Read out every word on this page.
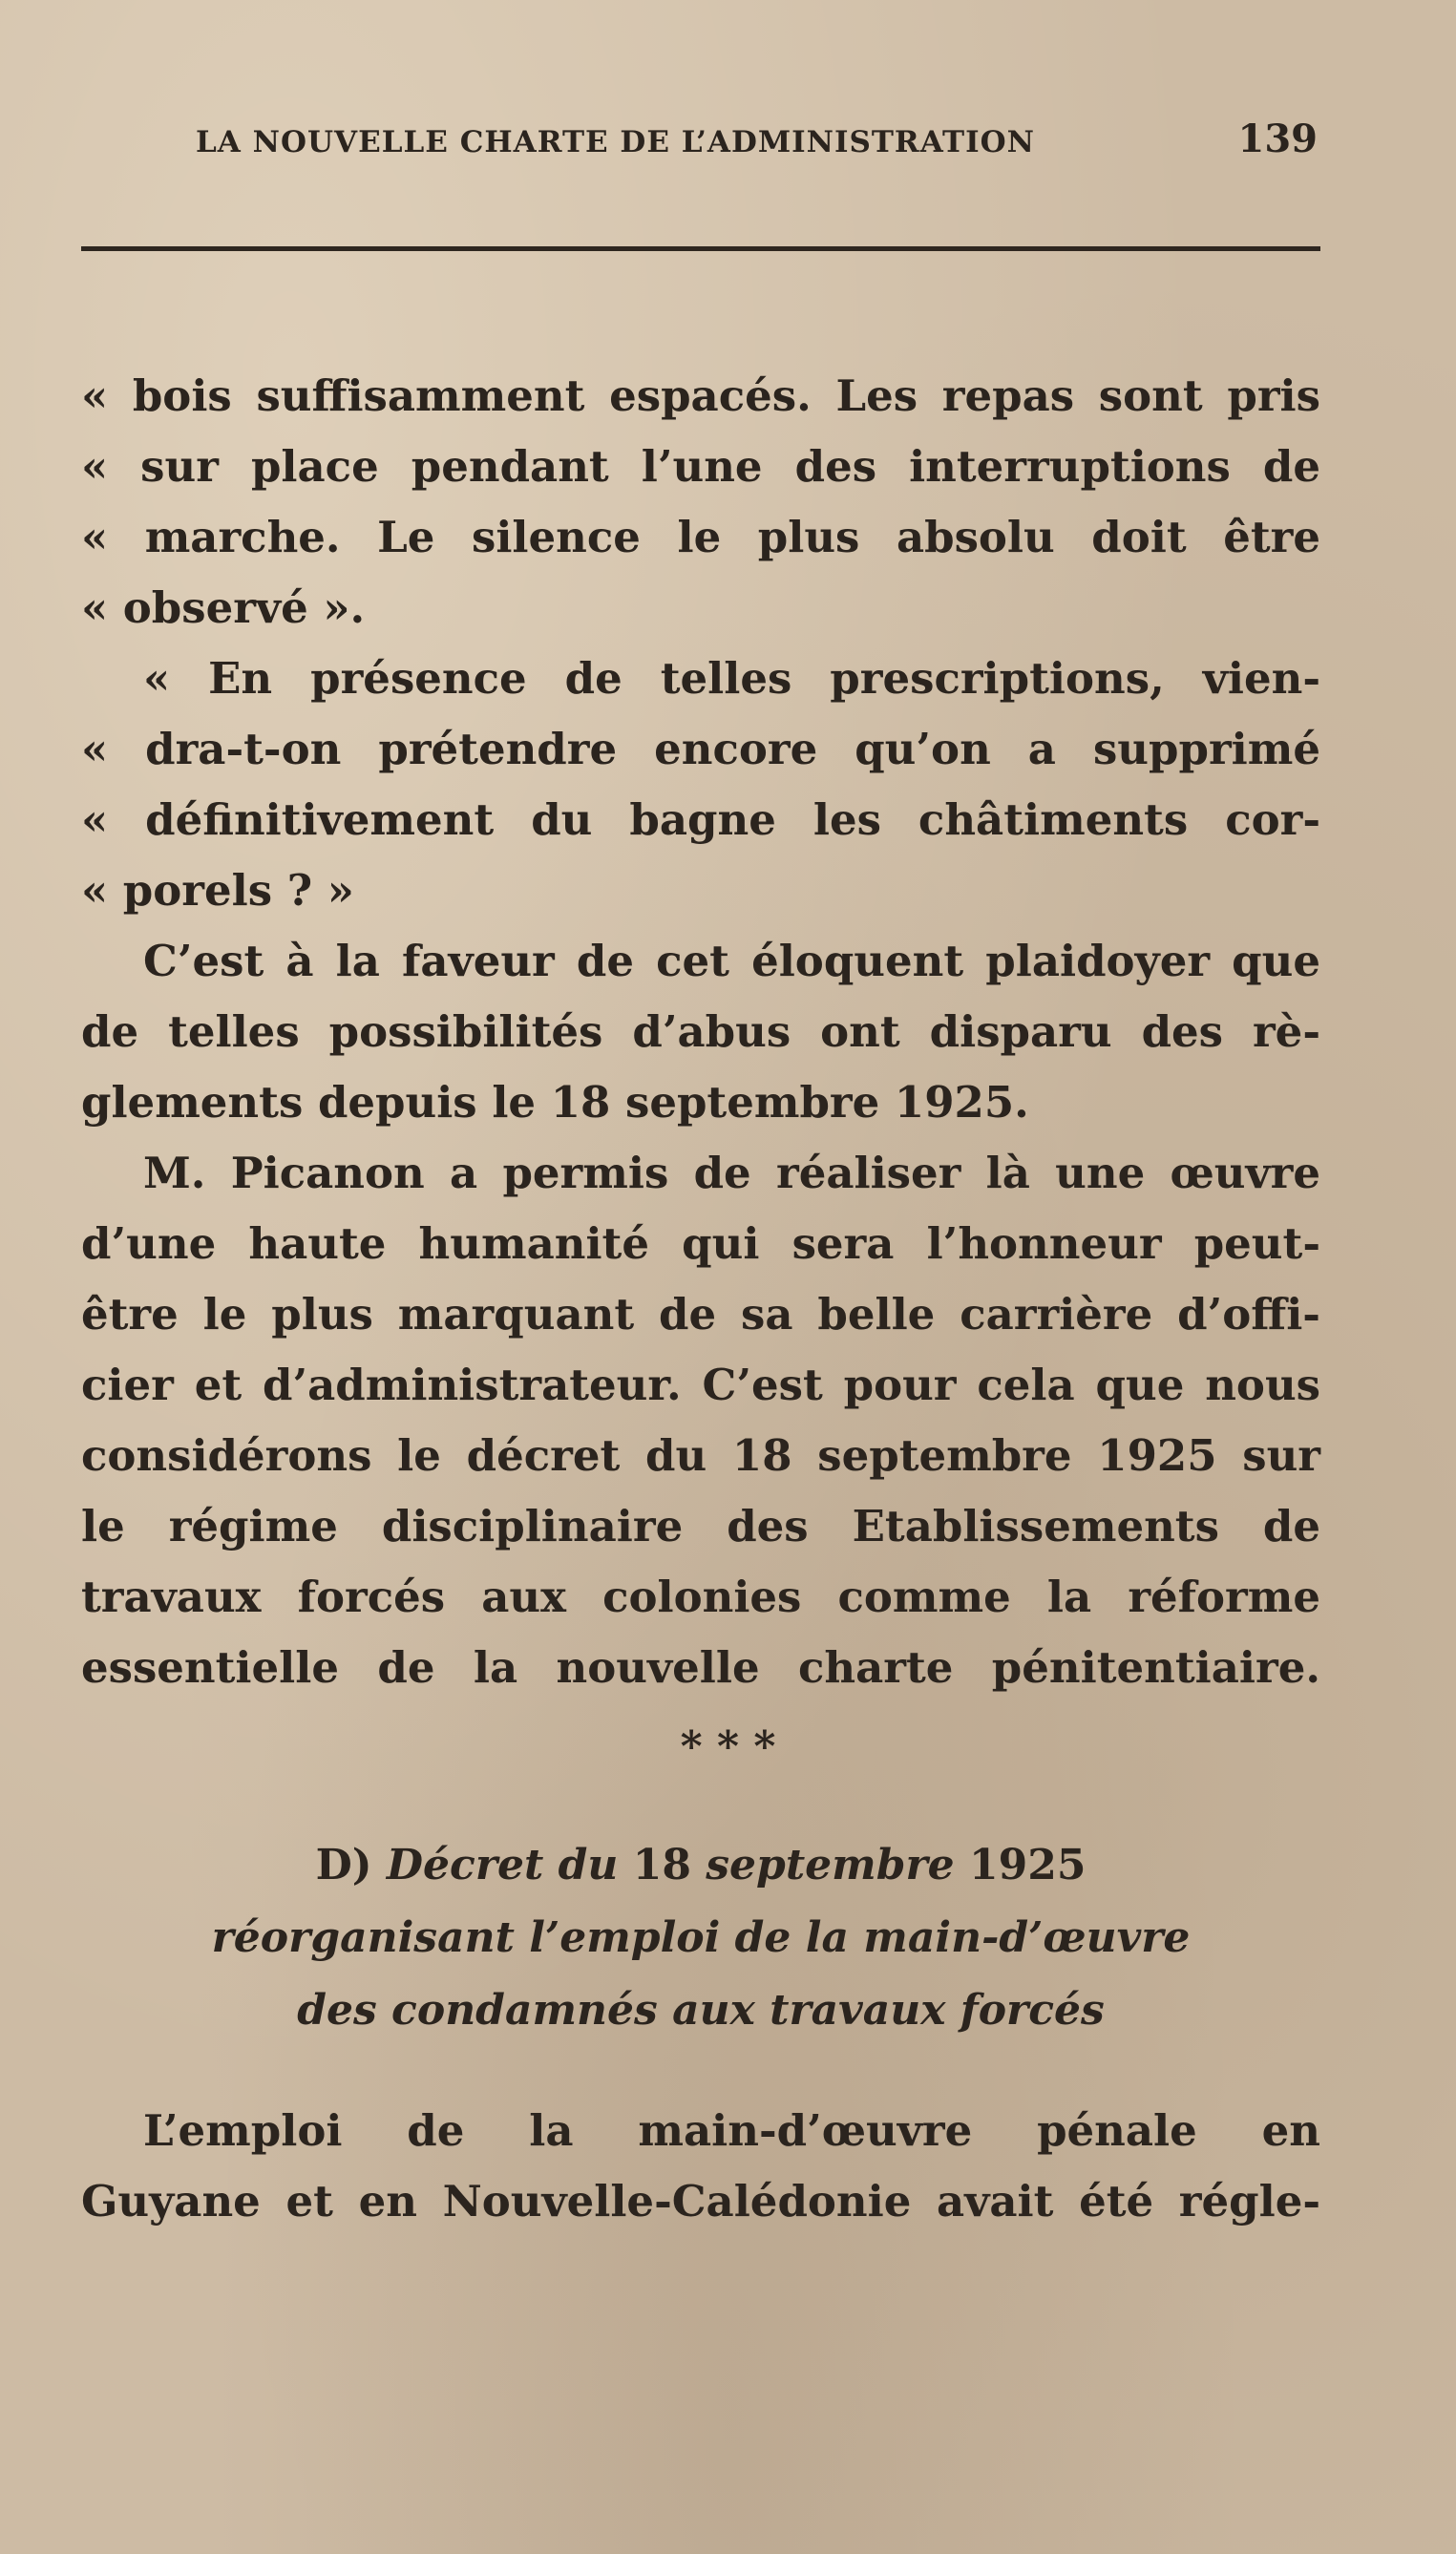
LA NOUVELLE CHARTE DE L’ADMINISTRATION	139
« bois suffisamment espacés. Les repas sont pris
« sur place pendant l’une des interruptions de
« marche. Le silence le plus absolu doit être
« observé ».
« En présence de telles prescriptions, vien-
« dra-t-on prétendre encore qu’on a supprimé
« définitivement du bagne les châtiments cor-
« porels ? »
C’est à la faveur de cet éloquent plaidoyer que
de telles possibilités d’abus ont disparu des rè-
glements depuis le 18 septembre 1925.
M. Picanon a permis de réaliser là une œuvre
d’une haute humanité qui sera l’honneur peut-
être le plus marquant de sa belle carrière d’offi-
cier et d’administrateur. C’est pour cela que nous
considérons le décret du 18 septembre 1925 sur
le régime disciplinaire des Etablissements de
travaux forcés aux colonies comme la réforme
essentielle de la nouvelle charte pénitentiaire.
* * *
D) Décret du 18 septembre 1925
réorganisant l’emploi de la main-d’œuvre
des condamnés aux travaux forcés
L’emploi de la main-d’œuvre pénale en
Guyane et en Nouvelle-Calédonie avait été régle-
